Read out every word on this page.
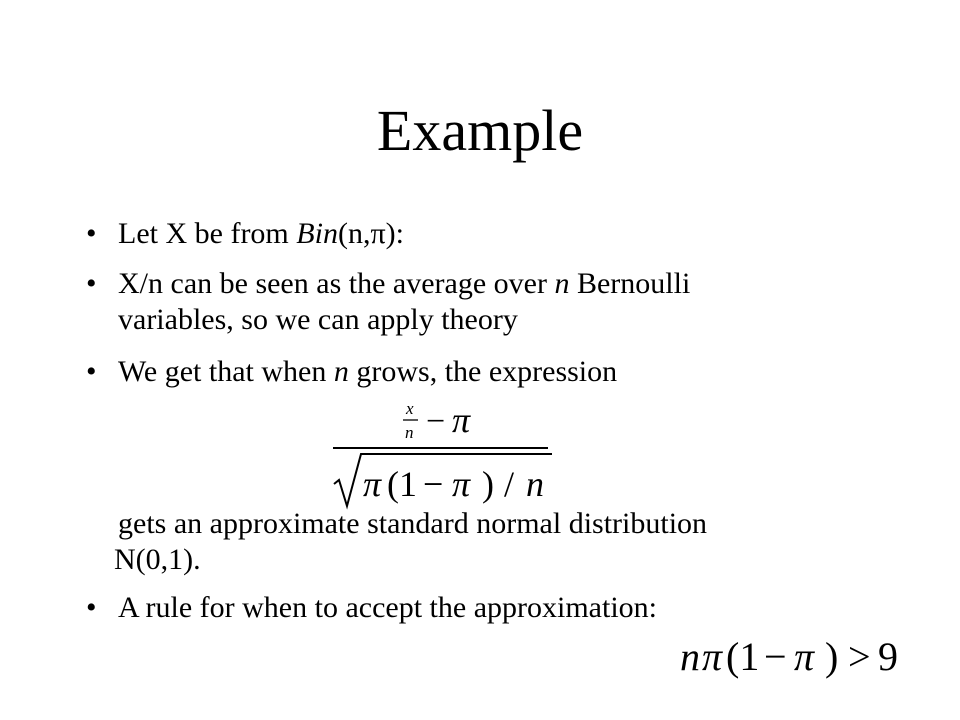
Example
• Let X be from Bin(n,π):
• X/n can be seen as the average over n Bernoulli
variables, so we can apply theory
• We get that when n grows, the expression
x
n − π
π (1 − π ) / n
gets an approximate standard normal distribution
N(0,1).
• A rule for when to accept the approximation:
n π (1 − π ) > 9
